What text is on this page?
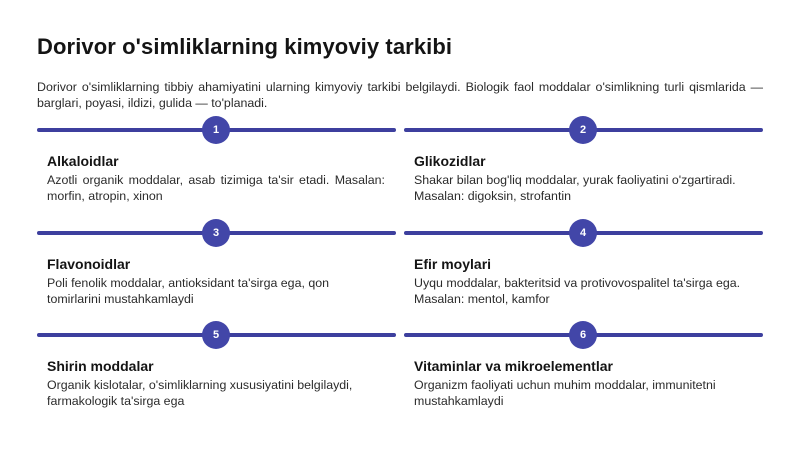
Dorivor o'simliklarning kimyoviy tarkibi
Dorivor o'simliklarning tibbiy ahamiyatini ularning kimyoviy tarkibi belgilaydi. Biologik faol moddalar o'simlikning turli qismlarida — barglari, poyasi, ildizi, gulida — to'planadi.
1
Alkaloidlar
Azotli organik moddalar, asab tizimiga ta'sir etadi. Masalan: morfin, atropin, xinon
2
Glikozidlar
Shakar bilan bog'liq moddalar, yurak faoliyatini o'zgartiradi. Masalan: digoksin, strofantin
3
Flavonoidlar
Poli fenolik moddalar, antioksidant ta'sirga ega, qon tomirlarini mustahkamlaydi
4
Efir moylari
Uyqu moddalar, bakteritsid va protivovospalitel ta'sirga ega. Masalan: mentol, kamfor
5
Shirin moddalar
Organik kislotalar, o'simliklarning xususiyatini belgilaydi, farmakologik ta'sirga ega
6
Vitaminlar va mikroelementlar
Organizm faoliyati uchun muhim moddalar, immunitetni mustahkamlaydi
